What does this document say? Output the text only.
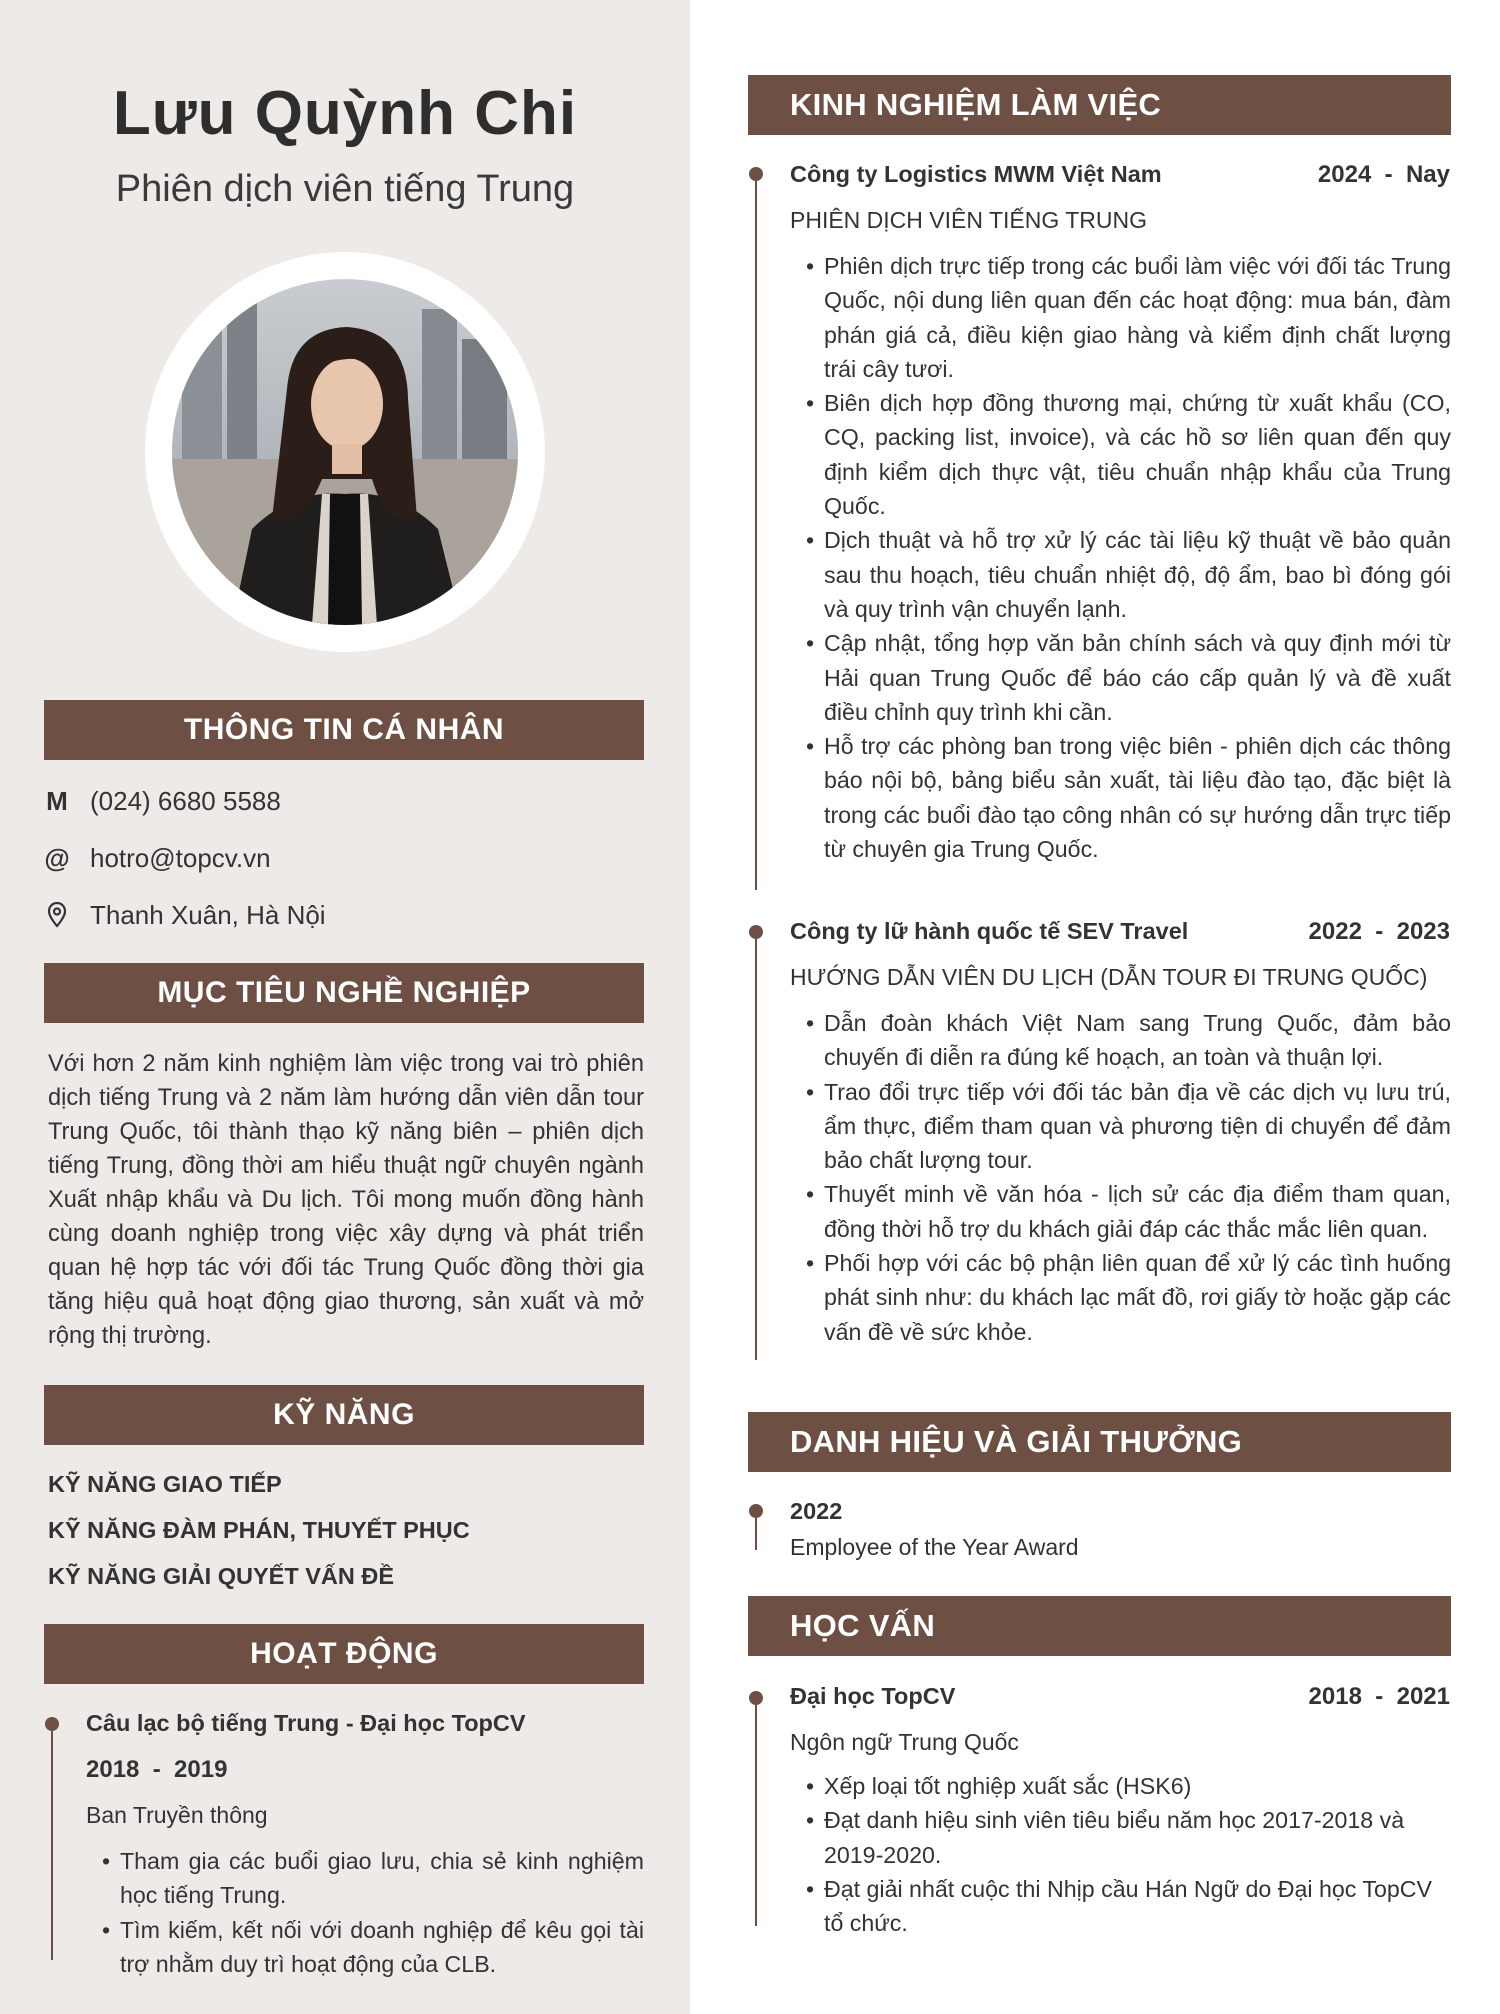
Lưu Quỳnh Chi
Phiên dịch viên tiếng Trung
THÔNG TIN CÁ NHÂN
M (024) 6680 5588
@ hotro@topcv.vn
Thanh Xuân, Hà Nội
MỤC TIÊU NGHỀ NGHIỆP
Với hơn 2 năm kinh nghiệm làm việc trong vai trò phiên dịch tiếng Trung và 2 năm làm hướng dẫn viên dẫn tour Trung Quốc, tôi thành thạo kỹ năng biên – phiên dịch tiếng Trung, đồng thời am hiểu thuật ngữ chuyên ngành Xuất nhập khẩu và Du lịch. Tôi mong muốn đồng hành cùng doanh nghiệp trong việc xây dựng và phát triển quan hệ hợp tác với đối tác Trung Quốc đồng thời gia tăng hiệu quả hoạt động giao thương, sản xuất và mở rộng thị trường.
KỸ NĂNG
KỸ NĂNG GIAO TIẾP
KỸ NĂNG ĐÀM PHÁN, THUYẾT PHỤC
KỸ NĂNG GIẢI QUYẾT VẤN ĐỀ
HOẠT ĐỘNG
Câu lạc bộ tiếng Trung - Đại học TopCV
2018  -  2019
Ban Truyền thông
• Tham gia các buổi giao lưu, chia sẻ kinh nghiệm học tiếng Trung.
• Tìm kiếm, kết nối với doanh nghiệp để kêu gọi tài trợ nhằm duy trì hoạt động của CLB.
KINH NGHIỆM LÀM VIỆC
Công ty Logistics MWM Việt Nam	2024  -  Nay
PHIÊN DỊCH VIÊN TIẾNG TRUNG
• Phiên dịch trực tiếp trong các buổi làm việc với đối tác Trung Quốc, nội dung liên quan đến các hoạt động: mua bán, đàm phán giá cả, điều kiện giao hàng và kiểm định chất lượng trái cây tươi.
• Biên dịch hợp đồng thương mại, chứng từ xuất khẩu (CO, CQ, packing list, invoice), và các hồ sơ liên quan đến quy định kiểm dịch thực vật, tiêu chuẩn nhập khẩu của Trung Quốc.
• Dịch thuật và hỗ trợ xử lý các tài liệu kỹ thuật về bảo quản sau thu hoạch, tiêu chuẩn nhiệt độ, độ ẩm, bao bì đóng gói và quy trình vận chuyển lạnh.
• Cập nhật, tổng hợp văn bản chính sách và quy định mới từ Hải quan Trung Quốc để báo cáo cấp quản lý và đề xuất điều chỉnh quy trình khi cần.
• Hỗ trợ các phòng ban trong việc biên - phiên dịch các thông báo nội bộ, bảng biểu sản xuất, tài liệu đào tạo, đặc biệt là trong các buổi đào tạo công nhân có sự hướng dẫn trực tiếp từ chuyên gia Trung Quốc.
Công ty lữ hành quốc tế SEV Travel	2022  -  2023
HƯỚNG DẪN VIÊN DU LỊCH (DẪN TOUR ĐI TRUNG QUỐC)
• Dẫn đoàn khách Việt Nam sang Trung Quốc, đảm bảo chuyến đi diễn ra đúng kế hoạch, an toàn và thuận lợi.
• Trao đổi trực tiếp với đối tác bản địa về các dịch vụ lưu trú, ẩm thực, điểm tham quan và phương tiện di chuyển để đảm bảo chất lượng tour.
• Thuyết minh về văn hóa - lịch sử các địa điểm tham quan, đồng thời hỗ trợ du khách giải đáp các thắc mắc liên quan.
• Phối hợp với các bộ phận liên quan để xử lý các tình huống phát sinh như: du khách lạc mất đồ, rơi giấy tờ hoặc gặp các vấn đề về sức khỏe.
DANH HIỆU VÀ GIẢI THƯỞNG
2022
Employee of the Year Award
HỌC VẤN
Đại học TopCV	2018  -  2021
Ngôn ngữ Trung Quốc
• Xếp loại tốt nghiệp xuất sắc (HSK6)
• Đạt danh hiệu sinh viên tiêu biểu năm học 2017-2018 và 2019-2020.
• Đạt giải nhất cuộc thi Nhịp cầu Hán Ngữ do Đại học TopCV tổ chức.
